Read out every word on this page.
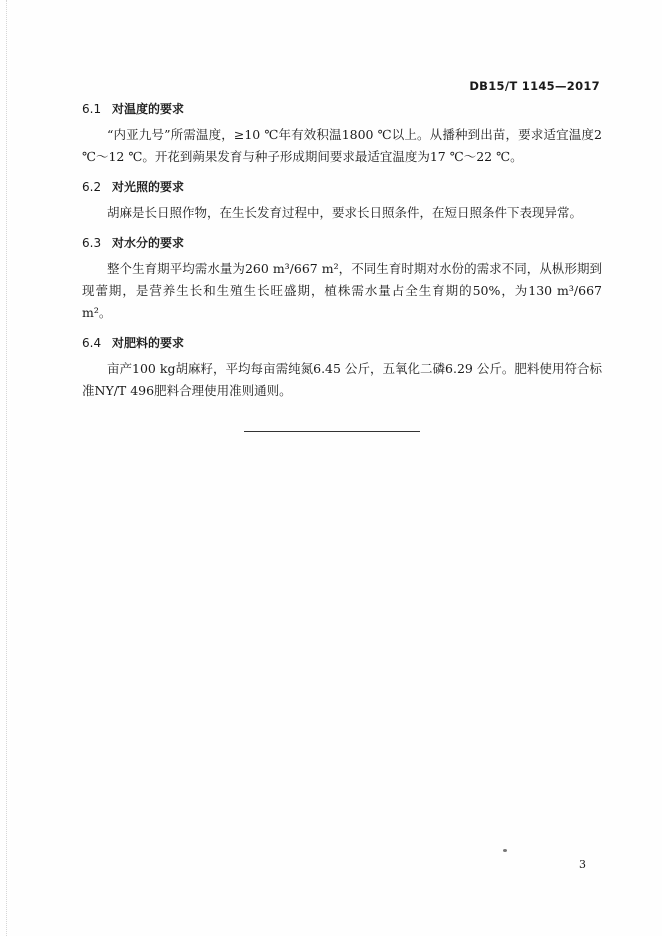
DB15/T 1145—2017

6.1 对温度的要求

“内亚九号”所需温度，≥10 ℃年有效积温1800 ℃以上。从播种到出苗，要求适宜温度2 ℃～12 ℃。开花到蒴果发育与种子形成期间要求最适宜温度为17 ℃～22 ℃。

6.2 对光照的要求

胡麻是长日照作物，在生长发育过程中，要求长日照条件，在短日照条件下表现异常。

6.3 对水分的要求

整个生育期平均需水量为260 m³/667 m²，不同生育时期对水份的需求不同，从枞形期到现蕾期，是营养生长和生殖生长旺盛期，植株需水量占全生育期的50%，为130 m³/667 m²。

6.4 对肥料的要求

亩产100 kg胡麻籽，平均每亩需纯氮6.45 公斤，五氧化二磷6.29 公斤。肥料使用符合标准NY/T 496肥料合理使用准则通则。

3
